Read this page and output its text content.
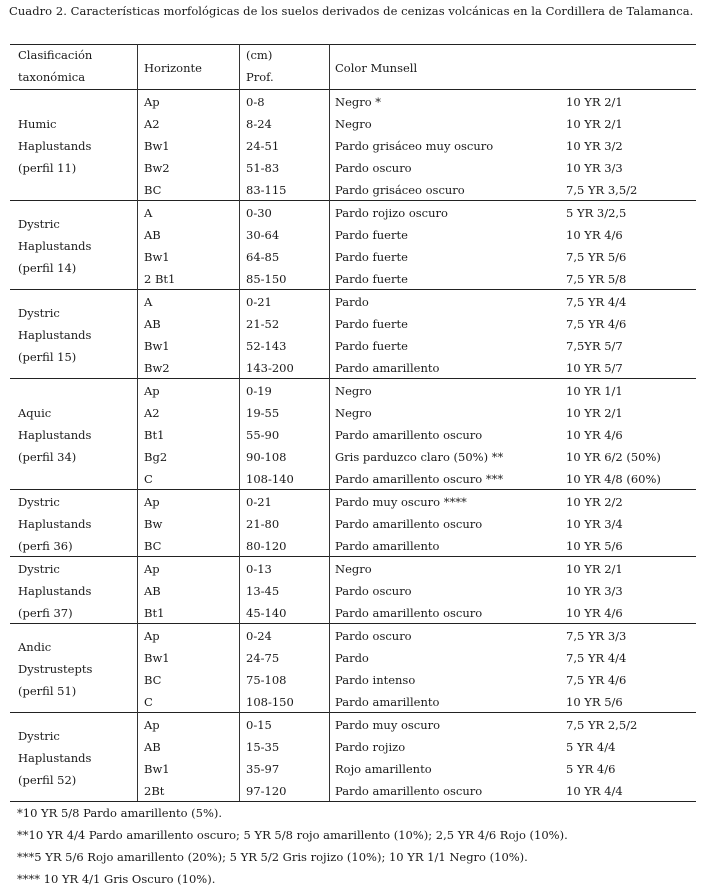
Cuadro 2. Características morfológicas de los suelos derivados de cenizas volcánicas en la Cordillera de Talamanca.
Clasificación
taxonómica
Horizonte
(cm)
Prof.
Color Munsell
Humic
Haplustands
(perfil 11)
Ap	0-8	Negro *	10 YR 2/1
A2	8-24	Negro	10 YR 2/1
Bw1	24-51	Pardo grisáceo muy oscuro	10 YR 3/2
Bw2	51-83	Pardo oscuro	10 YR 3/3
BC	83-115	Pardo grisáceo oscuro	7,5 YR 3,5/2
Dystric
Haplustands
(perfil 14)
A	0-30	Pardo rojizo oscuro	5 YR 3/2,5
AB	30-64	Pardo fuerte	10 YR 4/6
Bw1	64-85	Pardo fuerte	7,5 YR 5/6
2 Bt1	85-150	Pardo fuerte	7,5 YR 5/8
Dystric
Haplustands
(perfil 15)
A	0-21	Pardo	7,5 YR 4/4
AB	21-52	Pardo fuerte	7,5 YR 4/6
Bw1	52-143	Pardo fuerte	7,5YR 5/7
Bw2	143-200	Pardo amarillento	10 YR 5/7
Aquic
Haplustands
(perfil 34)
Ap	0-19	Negro	10 YR 1/1
A2	19-55	Negro	10 YR 2/1
Bt1	55-90	Pardo amarillento oscuro	10 YR 4/6
Bg2	90-108	Gris parduzco claro (50%) **	10 YR 6/2 (50%)
C	108-140	Pardo amarillento oscuro ***	10 YR 4/8 (60%)
Dystric
Haplustands
(perfi 36)
Ap	0-21	Pardo muy oscuro ****	10 YR 2/2
Bw	21-80	Pardo amarillento oscuro	10 YR 3/4
BC	80-120	Pardo amarillento	10 YR 5/6
Dystric
Haplustands
(perfi 37)
Ap	0-13	Negro	10 YR 2/1
AB	13-45	Pardo oscuro	10 YR 3/3
Bt1	45-140	Pardo amarillento oscuro	10 YR 4/6
Andic
Dystrustepts
(perfil 51)
Ap	0-24	Pardo oscuro	7,5 YR 3/3
Bw1	24-75	Pardo	7,5 YR 4/4
BC	75-108	Pardo intenso	7,5 YR 4/6
C	108-150	Pardo amarillento	10 YR 5/6
Dystric
Haplustands
(perfil 52)
Ap	0-15	Pardo muy oscuro	7,5 YR 2,5/2
AB	15-35	Pardo rojizo	5 YR 4/4
Bw1	35-97	Rojo amarillento	5 YR 4/6
2Bt	97-120	Pardo amarillento oscuro	10 YR 4/4
*10 YR 5/8 Pardo amarillento (5%).
**10 YR 4/4 Pardo amarillento oscuro; 5 YR 5/8 rojo amarillento (10%); 2,5 YR 4/6 Rojo (10%).
***5 YR 5/6 Rojo amarillento (20%); 5 YR 5/2 Gris rojizo (10%); 10 YR 1/1 Negro (10%).
**** 10 YR 4/1 Gris Oscuro (10%).
